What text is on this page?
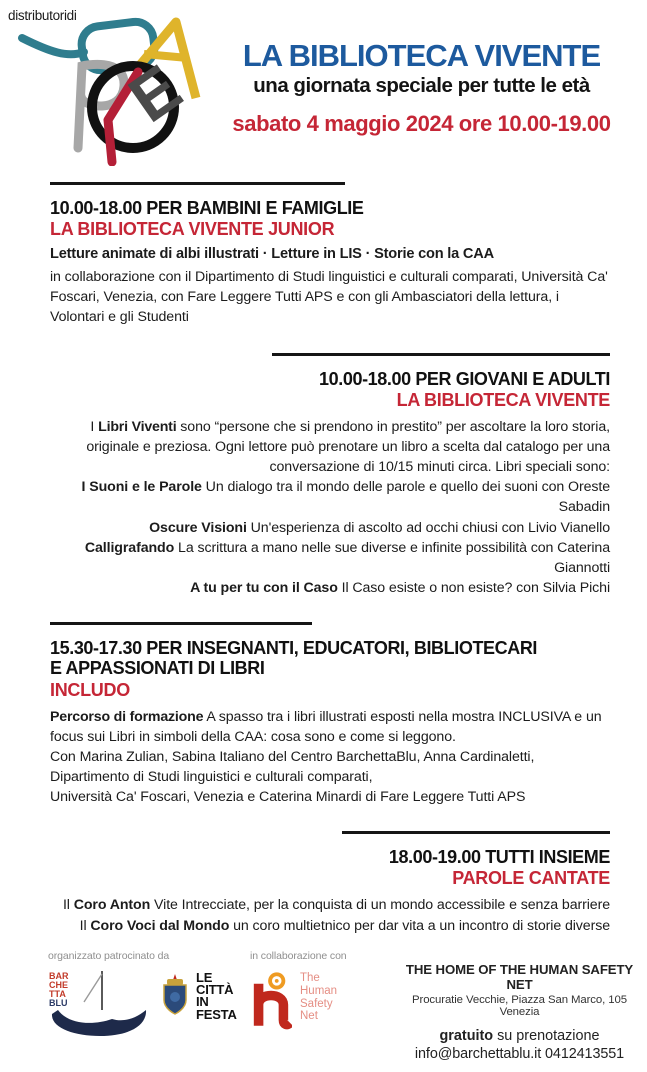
distributoridi
E	LA BIBLIOTECA VIVENTE
una giornata speciale per tutte le età
sabato 4 maggio 2024 ore 10.00-19.00
10.00-18.00 PER BAMBINI E FAMIGLIE
LA BIBLIOTECA VIVENTE JUNIOR

Letture animate di albi illustrati · Letture in LIS · Storie con la CAA

in collaborazione con il Dipartimento di Studi linguistici e culturali comparati, Università Ca' Foscari, Venezia, con Fare Leggere Tutti APS e con gli Ambasciatori della lettura, i Volontari e gli Studenti

10.00-18.00 PER GIOVANI E ADULTI
LA BIBLIOTECA VIVENTE

I Libri Viventi sono “persone che si prendono in prestito” per ascoltare la loro storia, originale e preziosa. Ogni lettore può prenotare un libro a scelta dal catalogo per una conversazione di 10/15 minuti circa. Libri speciali sono:

I Suoni e le Parole Un dialogo tra il mondo delle parole e quello dei suoni con Oreste Sabadin
Oscure Visioni Un'esperienza di ascolto ad occhi chiusi con Livio Vianello
Calligrafando La scrittura a mano nelle sue diverse e infinite possibilità con Caterina Giannotti
A tu per tu con il Caso Il Caso esiste o non esiste? con Silvia Pichi
15.30-17.30 PER INSEGNANTI, EDUCATORI, BIBLIOTECARI
E APPASSIONATI DI LIBRI
INCLUDO

Percorso di formazione A spasso tra i libri illustrati esposti nella mostra INCLUSIVA e un focus sui Libri in simboli della CAA: cosa sono e come si leggono.

Con Marina Zulian, Sabina Italiano del Centro BarchettaBlu, Anna Cardinaletti,
Dipartimento di Studi linguistici e culturali comparati,
Università Ca' Foscari, Venezia e Caterina Minardi di Fare Leggere Tutti APS

18.00-19.00 TUTTI INSIEME
PAROLE CANTATE
Il Coro Anton Vite Intrecciate, per la conquista di un mondo accessibile e senza barriere
Il Coro Voci dal Mondo un coro multietnico per dar vita a un incontro di storie diverse
organizzato patrocinato da
BAR
CHE
TTA
BLU
LE
CITTÀ
IN
FESTA
in collaborazione con
The
Human
Safety
Net
THE HOME OF THE HUMAN SAFETY NET
Procuratie Vecchie, Piazza San Marco, 105 Venezia
gratuito su prenotazione
info@barchettablu.it 0412413551
